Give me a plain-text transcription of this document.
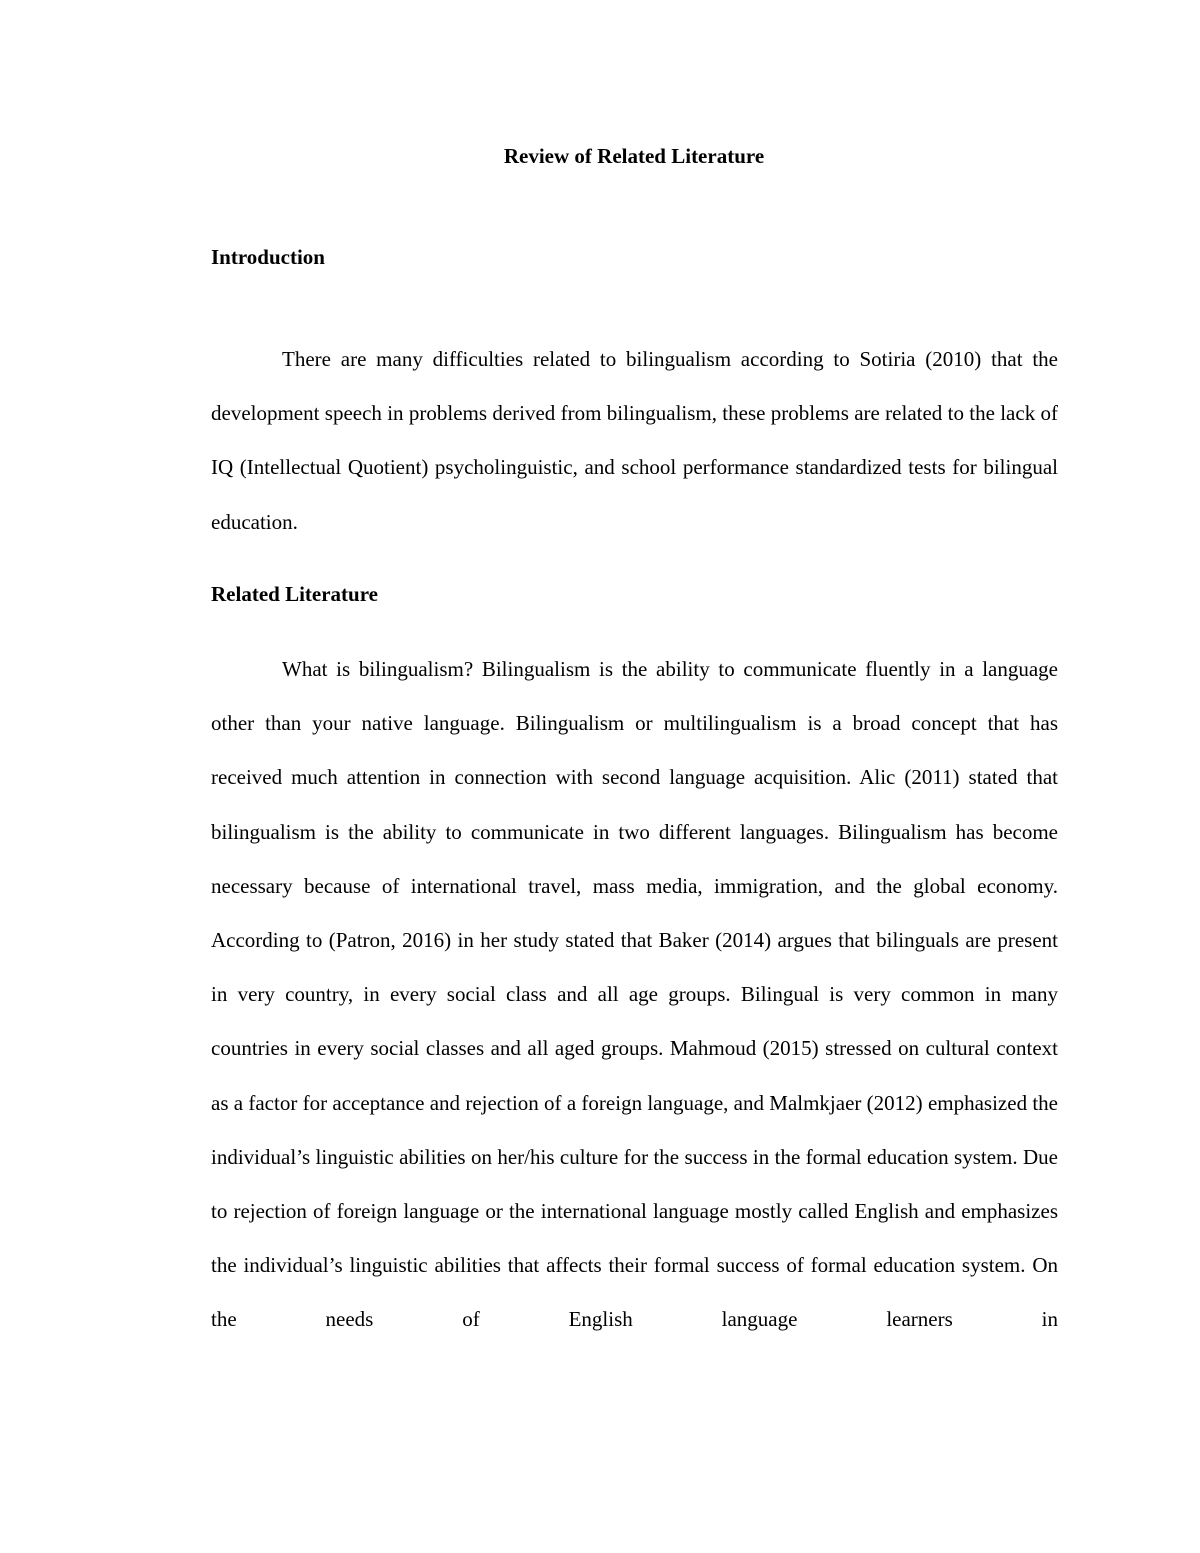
Review of Related Literature
Introduction

There are many difficulties related to bilingualism according to Sotiria (2010) that the development speech in problems derived from bilingualism, these problems are related to the lack of IQ (Intellectual Quotient) psycholinguistic, and school performance standardized tests for bilingual education.

Related Literature

What is bilingualism? Bilingualism is the ability to communicate fluently in a language other than your native language. Bilingualism or multilingualism is a broad concept that has received much attention in connection with second language acquisition. Alic (2011) stated that bilingualism is the ability to communicate in two different languages. Bilingualism has become necessary because of international travel, mass media, immigration, and the global economy. According to (Patron, 2016) in her study stated that Baker (2014) argues that bilinguals are present in very country, in every social class and all age groups. Bilingual is very common in many countries in every social classes and all aged groups. Mahmoud (2015) stressed on cultural context as a factor for acceptance and rejection of a foreign language, and Malmkjaer (2012) emphasized the individual’s linguistic abilities on her/his culture for the success in the formal education system. Due to rejection of foreign language or the international language mostly called English and emphasizes the individual’s linguistic abilities that affects their formal success of formal education system. On the needs of English language learners in
